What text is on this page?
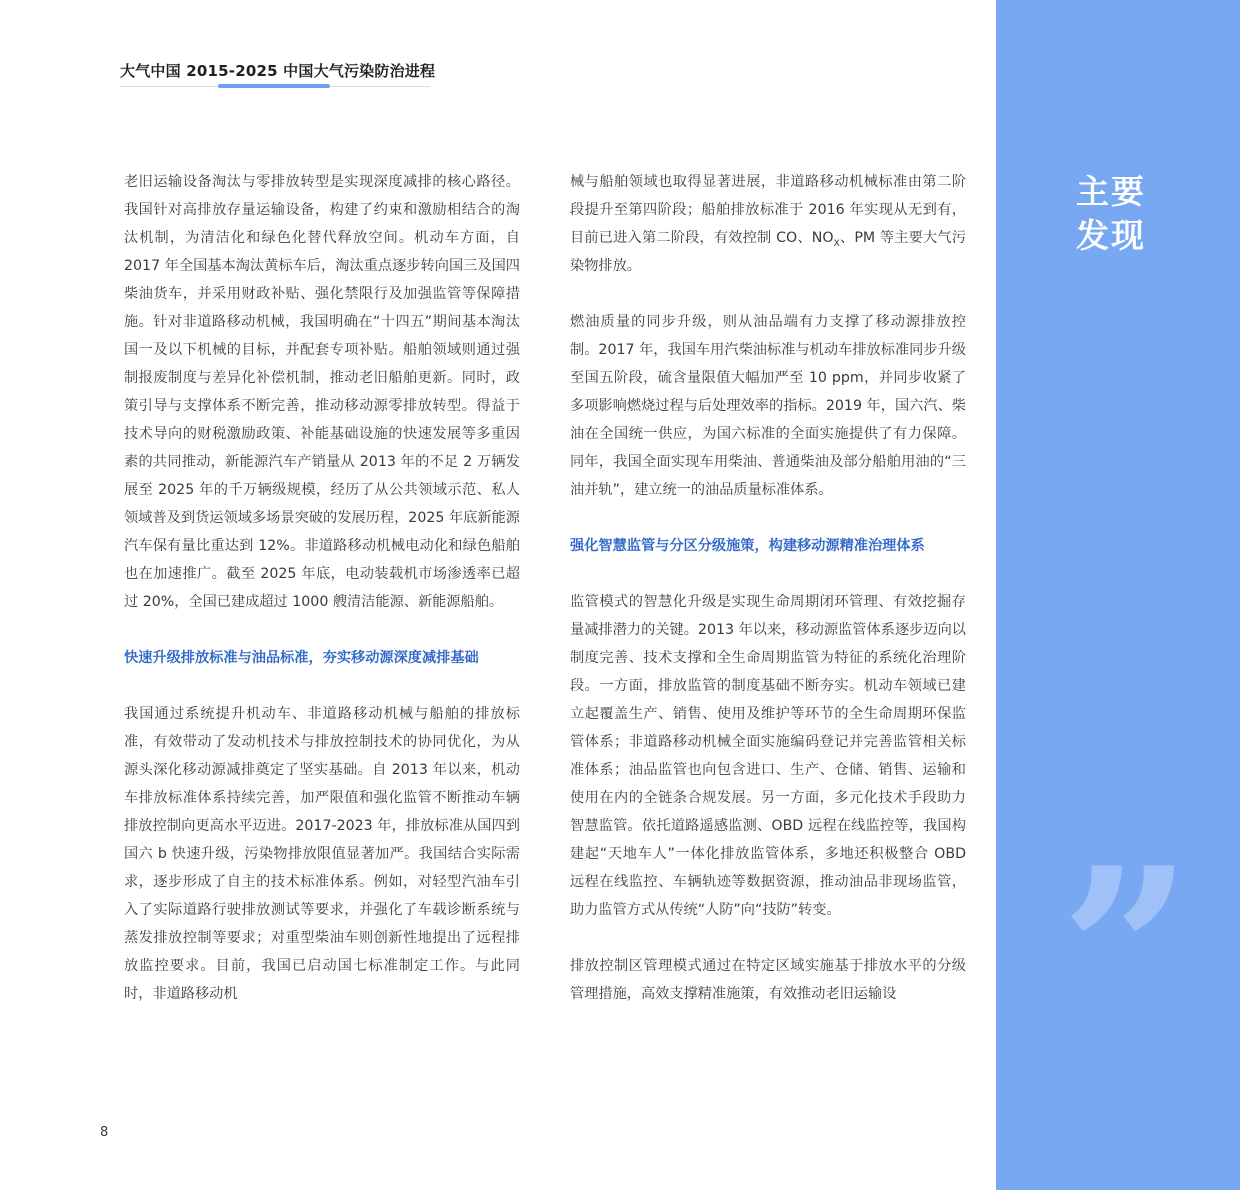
大气中国 2015-2025 中国大气污染防治进程

老旧运输设备淘汰与零排放转型是实现深度减排的核心路径。我国针对高排放存量运输设备，构建了约束和激励相结合的淘汰机制，为清洁化和绿色化替代释放空间。机动车方面，自 2017 年全国基本淘汰黄标车后，淘汰重点逐步转向国三及国四柴油货车，并采用财政补贴、强化禁限行及加强监管等保障措施。针对非道路移动机械，我国明确在“十四五”期间基本淘汰国一及以下机械的目标，并配套专项补贴。船舶领域则通过强制报废制度与差异化补偿机制，推动老旧船舶更新。同时，政策引导与支撑体系不断完善，推动移动源零排放转型。得益于技术导向的财税激励政策、补能基础设施的快速发展等多重因素的共同推动，新能源汽车产销量从 2013 年的不足 2 万辆发展至 2025 年的千万辆级规模，经历了从公共领域示范、私人领域普及到货运领域多场景突破的发展历程，2025 年底新能源汽车保有量比重达到 12%。非道路移动机械电动化和绿色船舶也在加速推广。截至 2025 年底，电动装载机市场渗透率已超过 20%，全国已建成超过 1000 艘清洁能源、新能源船舶。

快速升级排放标准与油品标准，夯实移动源深度减排基础

我国通过系统提升机动车、非道路移动机械与船舶的排放标准，有效带动了发动机技术与排放控制技术的协同优化，为从源头深化移动源减排奠定了坚实基础。自 2013 年以来，机动车排放标准体系持续完善，加严限值和强化监管不断推动车辆排放控制向更高水平迈进。2017-2023 年，排放标准从国四到国六 b 快速升级，污染物排放限值显著加严。我国结合实际需求，逐步形成了自主的技术标准体系。例如，对轻型汽油车引入了实际道路行驶排放测试等要求，并强化了车载诊断系统与蒸发排放控制等要求；对重型柴油车则创新性地提出了远程排放监控要求。目前，我国已启动国七标准制定工作。与此同时，非道路移动机

械与船舶领域也取得显著进展，非道路移动机械标准由第二阶段提升至第四阶段；船舶排放标准于 2016 年实现从无到有，目前已进入第二阶段，有效控制 CO、$NO_X$、PM 等主要大气污染物排放。

燃油质量的同步升级，则从油品端有力支撑了移动源排放控制。2017 年，我国车用汽柴油标准与机动车排放标准同步升级至国五阶段，硫含量限值大幅加严至 10 ppm，并同步收紧了多项影响燃烧过程与后处理效率的指标。2019 年，国六汽、柴油在全国统一供应，为国六标准的全面实施提供了有力保障。同年，我国全面实现车用柴油、普通柴油及部分船舶用油的“三油并轨”，建立统一的油品质量标准体系。

强化智慧监管与分区分级施策，构建移动源精准治理体系

监管模式的智慧化升级是实现生命周期闭环管理、有效挖掘存量减排潜力的关键。2013 年以来，移动源监管体系逐步迈向以制度完善、技术支撑和全生命周期监管为特征的系统化治理阶段。一方面，排放监管的制度基础不断夯实。机动车领域已建立起覆盖生产、销售、使用及维护等环节的全生命周期环保监管体系；非道路移动机械全面实施编码登记并完善监管相关标准体系；油品监管也向包含进口、生产、仓储、销售、运输和使用在内的全链条合规发展。另一方面，多元化技术手段助力智慧监管。依托道路遥感监测、OBD 远程在线监控等，我国构建起“天地车人”一体化排放监管体系，多地还积极整合 OBD 远程在线监控、车辆轨迹等数据资源，推动油品非现场监管，助力监管方式从传统“人防”向“技防”转变。

排放控制区管理模式通过在特定区域实施基于排放水平的分级管理措施，高效支撑精准施策，有效推动老旧运输设

主要发现
”
8
